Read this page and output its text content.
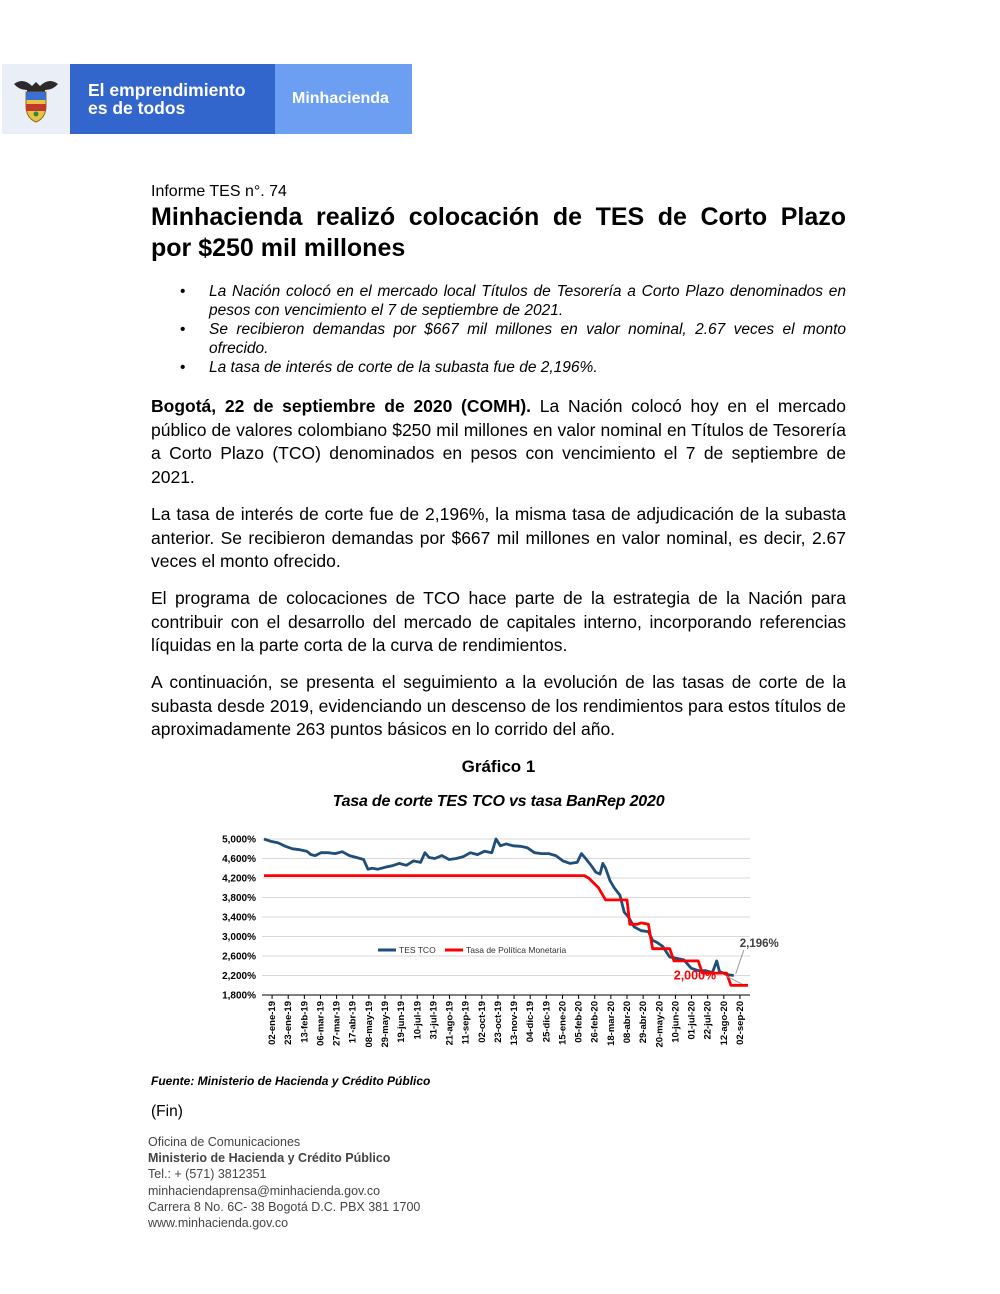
El emprendimiento
es de todos	Minhacienda
Informe TES n°. 74
Minhacienda realizó colocación de TES de Corto Plazo por $250 mil millones
• La Nación colocó en el mercado local Títulos de Tesorería a Corto Plazo denominados en pesos con vencimiento el 7 de septiembre de 2021.
• Se recibieron demandas por $667 mil millones en valor nominal, 2.67 veces el monto ofrecido.
• La tasa de interés de corte de la subasta fue de 2,196%.

Bogotá, 22 de septiembre de 2020 (COMH). La Nación colocó hoy en el mercado público de valores colombiano $250 mil millones en valor nominal en Títulos de Tesorería a Corto Plazo (TCO) denominados en pesos con vencimiento el 7 de septiembre de 2021.

La tasa de interés de corte fue de 2,196%, la misma tasa de adjudicación de la subasta anterior. Se recibieron demandas por $667 mil millones en valor nominal, es decir, 2.67 veces el monto ofrecido.

El programa de colocaciones de TCO hace parte de la estrategia de la Nación para contribuir con el desarrollo del mercado de capitales interno, incorporando referencias líquidas en la parte corta de la curva de rendimientos.

A continuación, se presenta el seguimiento a la evolución de las tasas de corte de la subasta desde 2019, evidenciando un descenso de los rendimientos para estos títulos de aproximadamente 263 puntos básicos en lo corrido del año.

Gráfico 1
Tasa de corte TES TCO vs tasa BanRep 2020
1,800%
2,200%
2,600%
3,000%
3,400%
3,800%
4,200%
4,600%
5,000%
02-ene-19 23-ene-19 13-feb-19 06-mar-19 27-mar-19 17-abr-19 08-may-19 29-may-19 19-jun-19 10-jul-19 31-jul-19 21-ago-19 11-sep-19 02-oct-19 23-oct-19 13-nov-19 04-dic-19 25-dic-19 15-ene-20 05-feb-20 26-feb-20 18-mar-20 08-abr-20 29-abr-20 20-may-20 10-jun-20 01-jul-20 22-jul-20 12-ago-20 02-sep-20
TES TCO	Tasa de Política Monetaria	2,196%
2,000%
Fuente: Ministerio de Hacienda y Crédito Público
(Fin)
Oficina de Comunicaciones
Ministerio de Hacienda y Crédito Público
Tel.: + (571) 3812351
minhaciendaprensa@minhacienda.gov.co
Carrera 8 No. 6C- 38 Bogotá D.C. PBX 381 1700
www.minhacienda.gov.co
